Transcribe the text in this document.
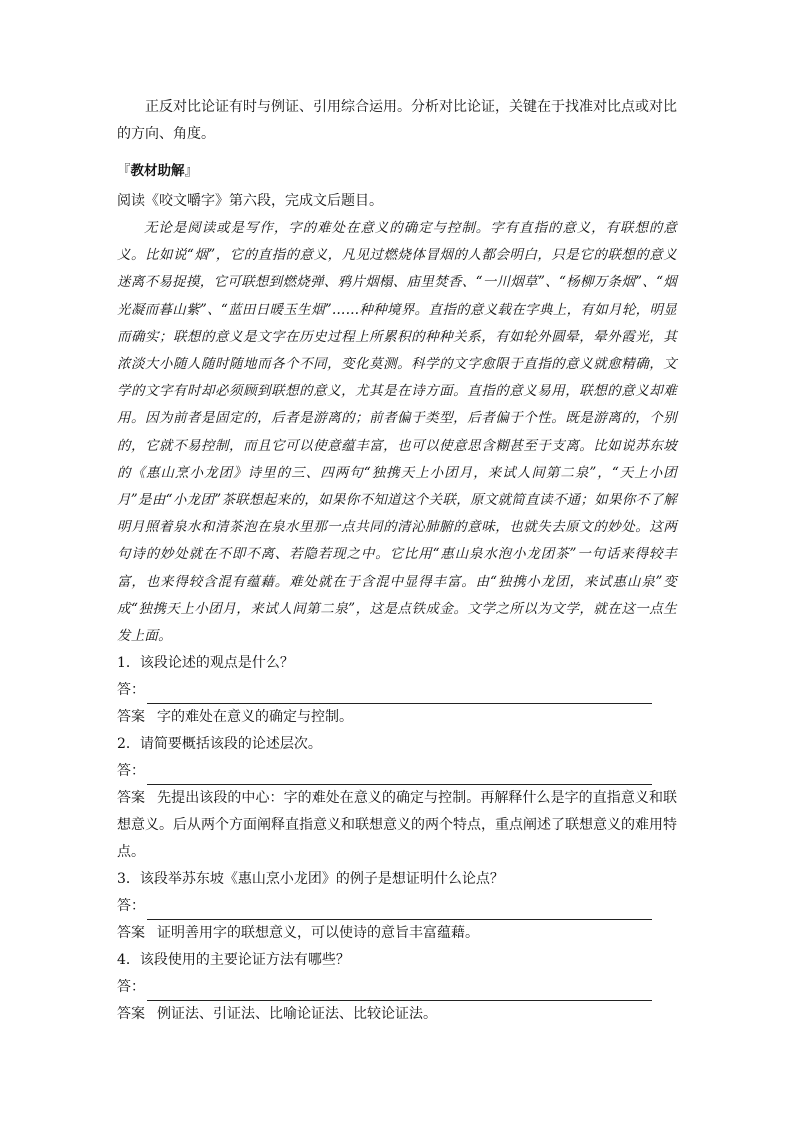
正反对比论证有时与例证、引用综合运用。分析对比论证，关键在于找准对比点或对比的方向、角度。

『教材助解』

阅读《咬文嚼字》第六段，完成文后题目。

无论是阅读或是写作，字的难处在意义的确定与控制。字有直指的意义，有联想的意义。比如说“烟”，它的直指的意义，凡见过燃烧体冒烟的人都会明白，只是它的联想的意义迷离不易捉摸，它可联想到燃烧弹、鸦片烟榻、庙里焚香、“一川烟草”、“杨柳万条烟”、“烟光凝而暮山紫”、“蓝田日暖玉生烟”……种种境界。直指的意义载在字典上，有如月轮，明显而确实；联想的意义是文字在历史过程上所累积的种种关系，有如轮外圆晕，晕外霞光，其浓淡大小随人随时随地而各个不同，变化莫测。科学的文字愈限于直指的意义就愈精确，文学的文字有时却必须顾到联想的意义，尤其是在诗方面。直指的意义易用，联想的意义却难用。因为前者是固定的，后者是游离的；前者偏于类型，后者偏于个性。既是游离的，个别的，它就不易控制，而且它可以使意蕴丰富，也可以使意思含糊甚至于支离。比如说苏东坡的《惠山烹小龙团》诗里的三、四两句“独携天上小团月，来试人间第二泉”，“天上小团月”是由“小龙团”茶联想起来的，如果你不知道这个关联，原文就简直读不通；如果你不了解明月照着泉水和清茶泡在泉水里那一点共同的清沁肺腑的意味，也就失去原文的妙处。这两句诗的妙处就在不即不离、若隐若现之中。它比用“惠山泉水泡小龙团茶”一句话来得较丰富，也来得较含混有蕴藉。难处就在于含混中显得丰富。由“独携小龙团，来试惠山泉”变成“独携天上小团月，来试人间第二泉”，这是点铁成金。文学之所以为文学，就在这一点生发上面。

1．该段论述的观点是什么？

答：

答案 字的难处在意义的确定与控制。

2．请简要概括该段的论述层次。

答：

答案 先提出该段的中心：字的难处在意义的确定与控制。再解释什么是字的直指意义和联想意义。后从两个方面阐释直指意义和联想意义的两个特点，重点阐述了联想意义的难用特点。

3．该段举苏东坡《惠山烹小龙团》的例子是想证明什么论点？

答：

答案 证明善用字的联想意义，可以使诗的意旨丰富蕴藉。

4．该段使用的主要论证方法有哪些？

答：

答案 例证法、引证法、比喻论证法、比较论证法。
